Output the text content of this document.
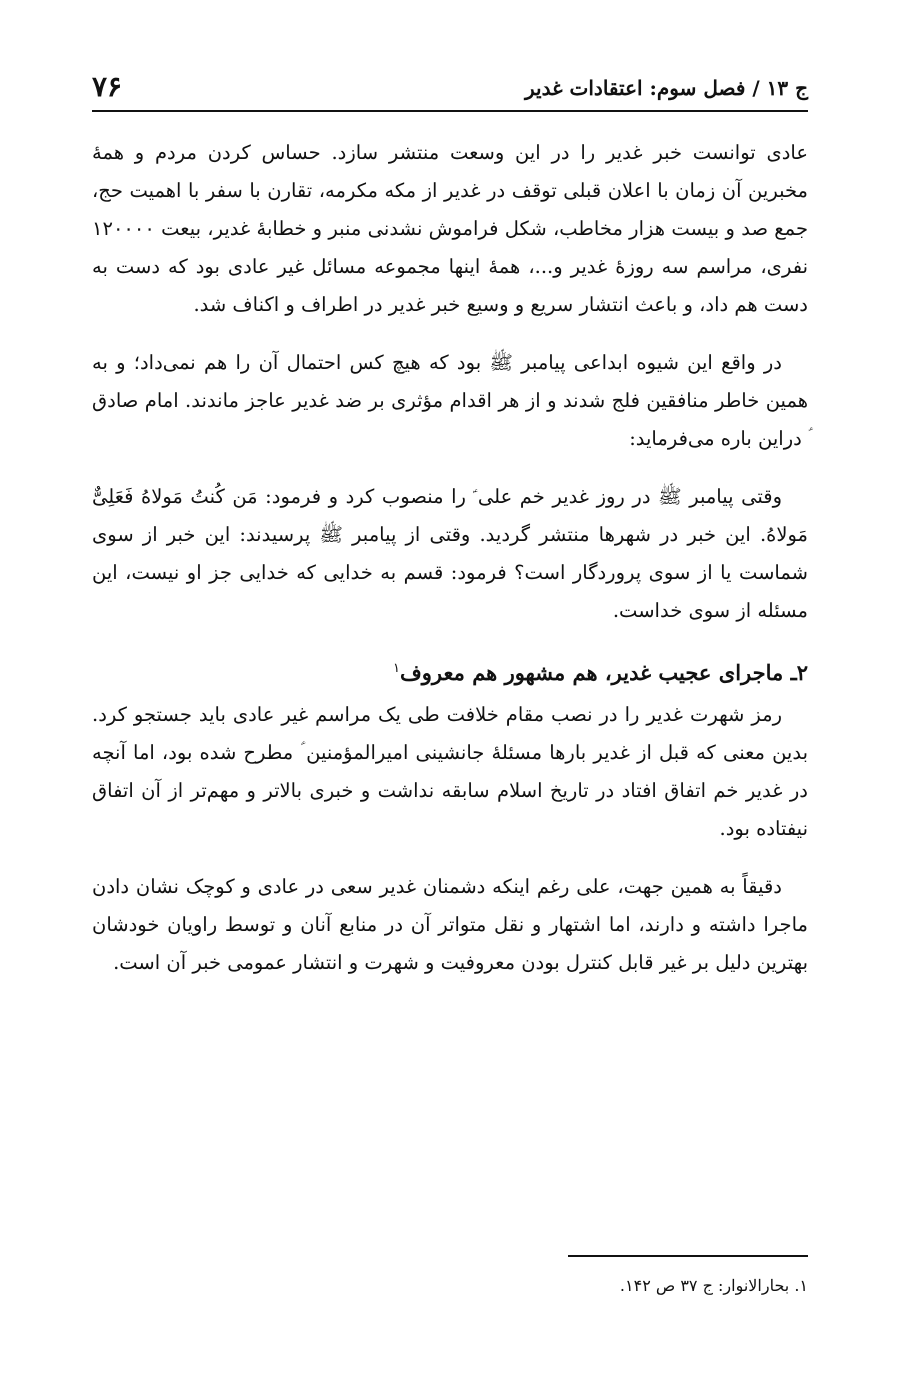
ج ۱۳ / فصل سوم: اعتقادات غدیر
۷۶

عادی توانست خبر غدیر را در این وسعت منتشر سازد. حساس کردن مردم و همهٔ مخبرین آن زمان با اعلان قبلی توقف در غدیر از مکه مکرمه، تقارن با سفر با اهمیت حج، جمع صد و بیست هزار مخاطب، شکل فراموش نشدنی منبر و خطابهٔ غدیر، بیعت ۱۲۰۰۰۰ نفری، مراسم سه روزهٔ غدیر و...، همهٔ اینها مجموعه مسائل غیر عادی بود که دست به دست هم داد، و باعث انتشار سریع و وسیع خبر غدیر در اطراف و اکناف شد.

در واقع این شیوه ابداعی پیامبر ﷺ بود که هیچ کس احتمال آن را هم نمی‌داد؛ و به همین خاطر منافقین فلج شدند و از هر اقدام مؤثری بر ضد غدیر عاجز ماندند. امام صادق ؑ دراین باره می‌فرماید:

وقتی پیامبر ﷺ در روز غدیر خم علی ؑ را منصوب کرد و فرمود: مَن کُنتُ مَولاهُ فَعَلِیٌّ مَولاهُ. این خبر در شهرها منتشر گردید. وقتی از پیامبر ﷺ پرسیدند: این خبر از سوی شماست یا از سوی پروردگار است؟ فرمود: قسم به خدایی که خدایی جز او نیست، این مسئله از سوی خداست.

۲ـ ماجرای عجیب غدیر، هم مشهور هم معروف$^۱$

رمز شهرت غدیر را در نصب مقام خلافت طی یک مراسم غیر عادی باید جستجو کرد. بدین معنی که قبل از غدیر بارها مسئلهٔ جانشینی امیرالمؤمنین ؑ مطرح شده بود، اما آنچه در غدیر خم اتفاق افتاد در تاریخ اسلام سابقه نداشت و خبری بالاتر و مهم‌تر از آن اتفاق نیفتاده بود.

دقیقاً به همین جهت، علی رغم اینکه دشمنان غدیر سعی در عادی و کوچک نشان دادن ماجرا داشته و دارند، اما اشتهار و نقل متواتر آن در منابع آنان و توسط راویان خودشان بهترین دلیل بر غیر قابل کنترل بودن معروفیت و شهرت و انتشار عمومی خبر آن است.

۱. بحارالانوار: ج ۳۷ ص ۱۴۲.
